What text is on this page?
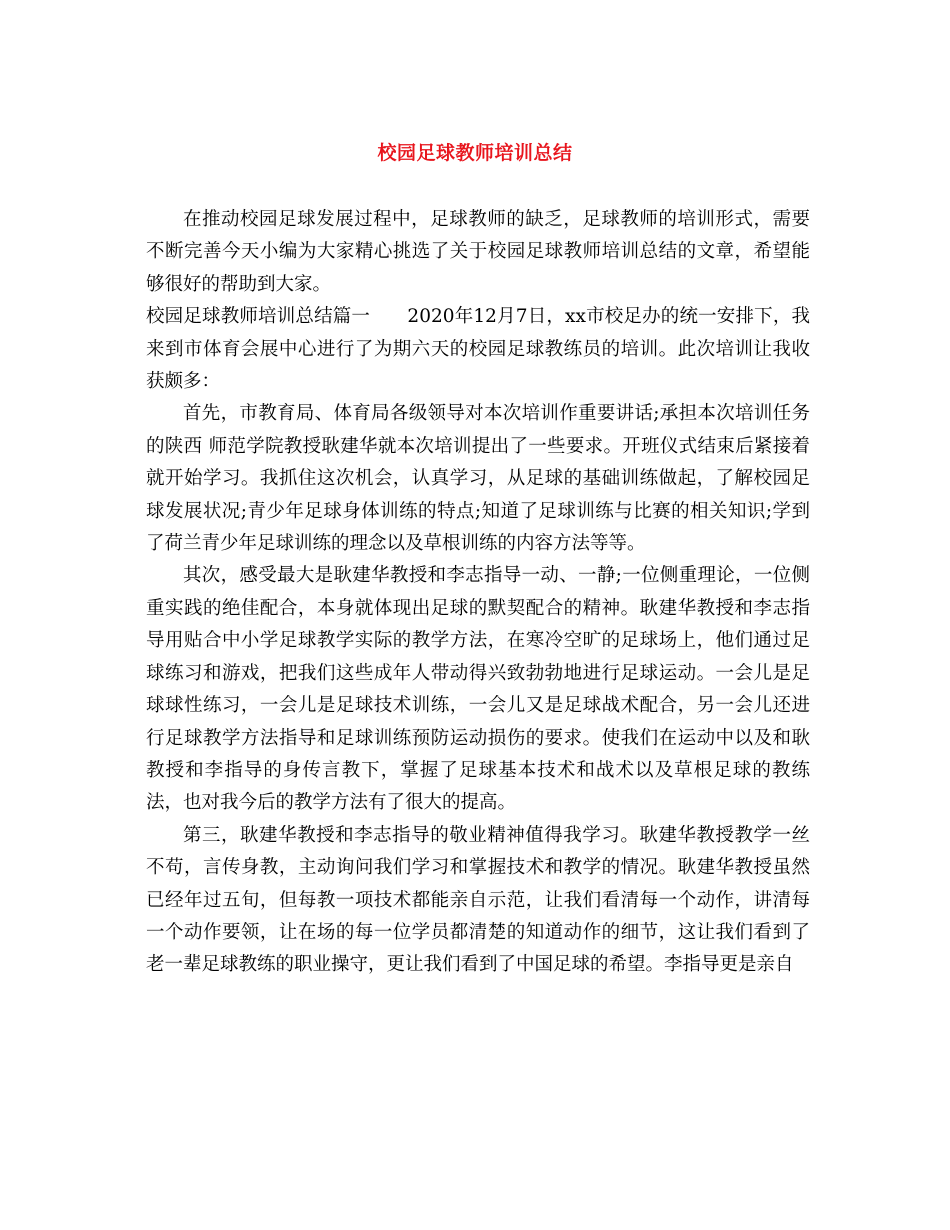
校园足球教师培训总结

在推动校园足球发展过程中，足球教师的缺乏，足球教师的培训形式，需要不断完善今天小编为大家精心挑选了关于校园足球教师培训总结的文章，希望能够很好的帮助到大家。

校园足球教师培训总结篇一　　2020年12月7日，xx市校足办的统一安排下，我来到市体育会展中心进行了为期六天的校园足球教练员的培训。此次培训让我收获颇多：

首先，市教育局、体育局各级领导对本次培训作重要讲话;承担本次培训任务的陕西 师范学院教授耿建华就本次培训提出了一些要求。开班仪式结束后紧接着就开始学习。我抓住这次机会，认真学习，从足球的基础训练做起，了解校园足球发展状况;青少年足球身体训练的特点;知道了足球训练与比赛的相关知识;学到了荷兰青少年足球训练的理念以及草根训练的内容方法等等。

其次，感受最大是耿建华教授和李志指导一动、一静;一位侧重理论，一位侧重实践的绝佳配合，本身就体现出足球的默契配合的精神。耿建华教授和李志指导用贴合中小学足球教学实际的教学方法，在寒冷空旷的足球场上，他们通过足球练习和游戏，把我们这些成年人带动得兴致勃勃地进行足球运动。一会儿是足球球性练习，一会儿是足球技术训练，一会儿又是足球战术配合，另一会儿还进行足球教学方法指导和足球训练预防运动损伤的要求。使我们在运动中以及和耿教授和李指导的身传言教下，掌握了足球基本技术和战术以及草根足球的教练法，也对我今后的教学方法有了很大的提高。

第三，耿建华教授和李志指导的敬业精神值得我学习。耿建华教授教学一丝不苟，言传身教，主动询问我们学习和掌握技术和教学的情况。耿建华教授虽然已经年过五旬，但每教一项技术都能亲自示范，让我们看清每一个动作，讲清每一个动作要领，让在场的每一位学员都清楚的知道动作的细节，这让我们看到了老一辈足球教练的职业操守，更让我们看到了中国足球的希望。李指导更是亲自
